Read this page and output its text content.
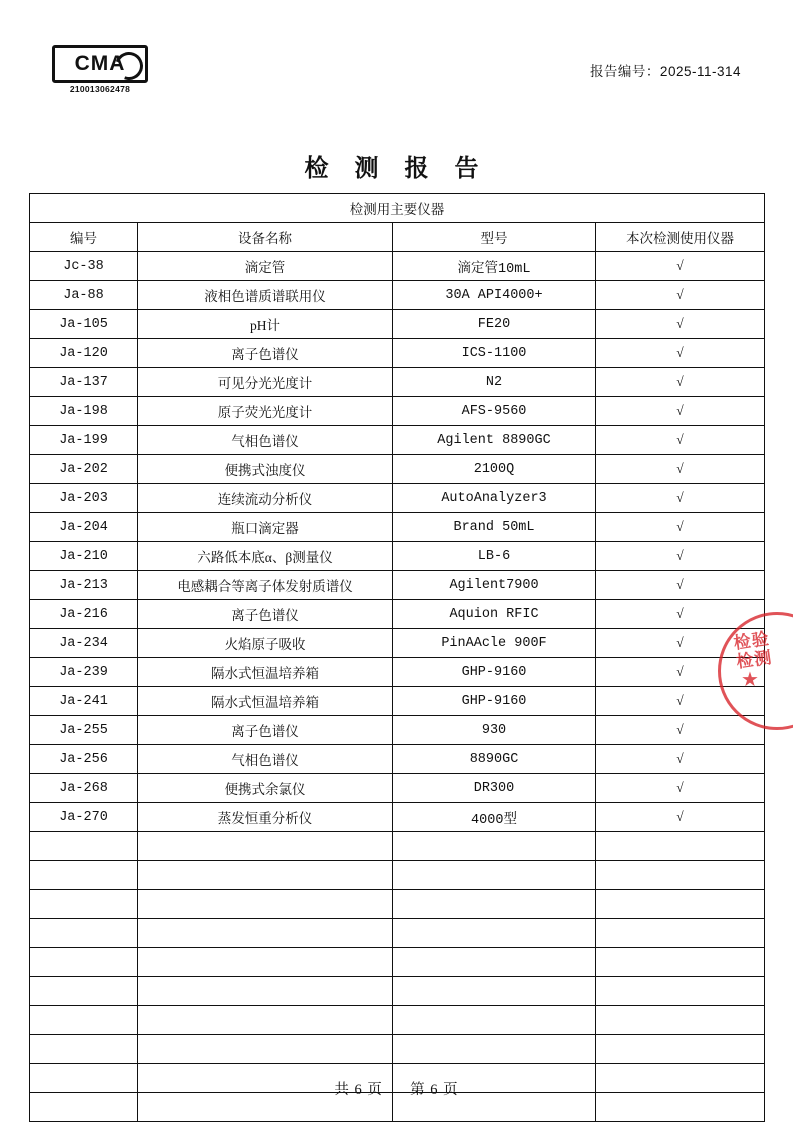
CMA
210013062478
报告编号：2025-11-314
检 测 报 告
检测用主要仪器			
编号	设备名称	型号	本次检测使用仪器
Jc-38	滴定管	滴定管10mL	√
Ja-88	液相色谱质谱联用仪	30A API4000+	√
Ja-105	pH计	FE20	√
Ja-120	离子色谱仪	ICS-1100	√
Ja-137	可见分光光度计	N2	√
Ja-198	原子荧光光度计	AFS-9560	√
Ja-199	气相色谱仪	Agilent 8890GC	√
Ja-202	便携式浊度仪	2100Q	√
Ja-203	连续流动分析仪	AutoAnalyzer3	√
Ja-204	瓶口滴定器	Brand 50mL	√
Ja-210	六路低本底α、β测量仪	LB-6	√
Ja-213	电感耦合等离子体发射质谱仪	Agilent7900	√
Ja-216	离子色谱仪	Aquion RFIC	√
Ja-234	火焰原子吸收	PinAAcle 900F	√
Ja-239	隔水式恒温培养箱	GHP-9160	√
Ja-241	隔水式恒温培养箱	GHP-9160	√
Ja-255	离子色谱仪	930	√
Ja-256	气相色谱仪	8890GC	√
Ja-268	便携式余氯仪	DR300	√
Ja-270	蒸发恒重分析仪	4000型	√

检验检测
★
共 6 页 第 6 页
